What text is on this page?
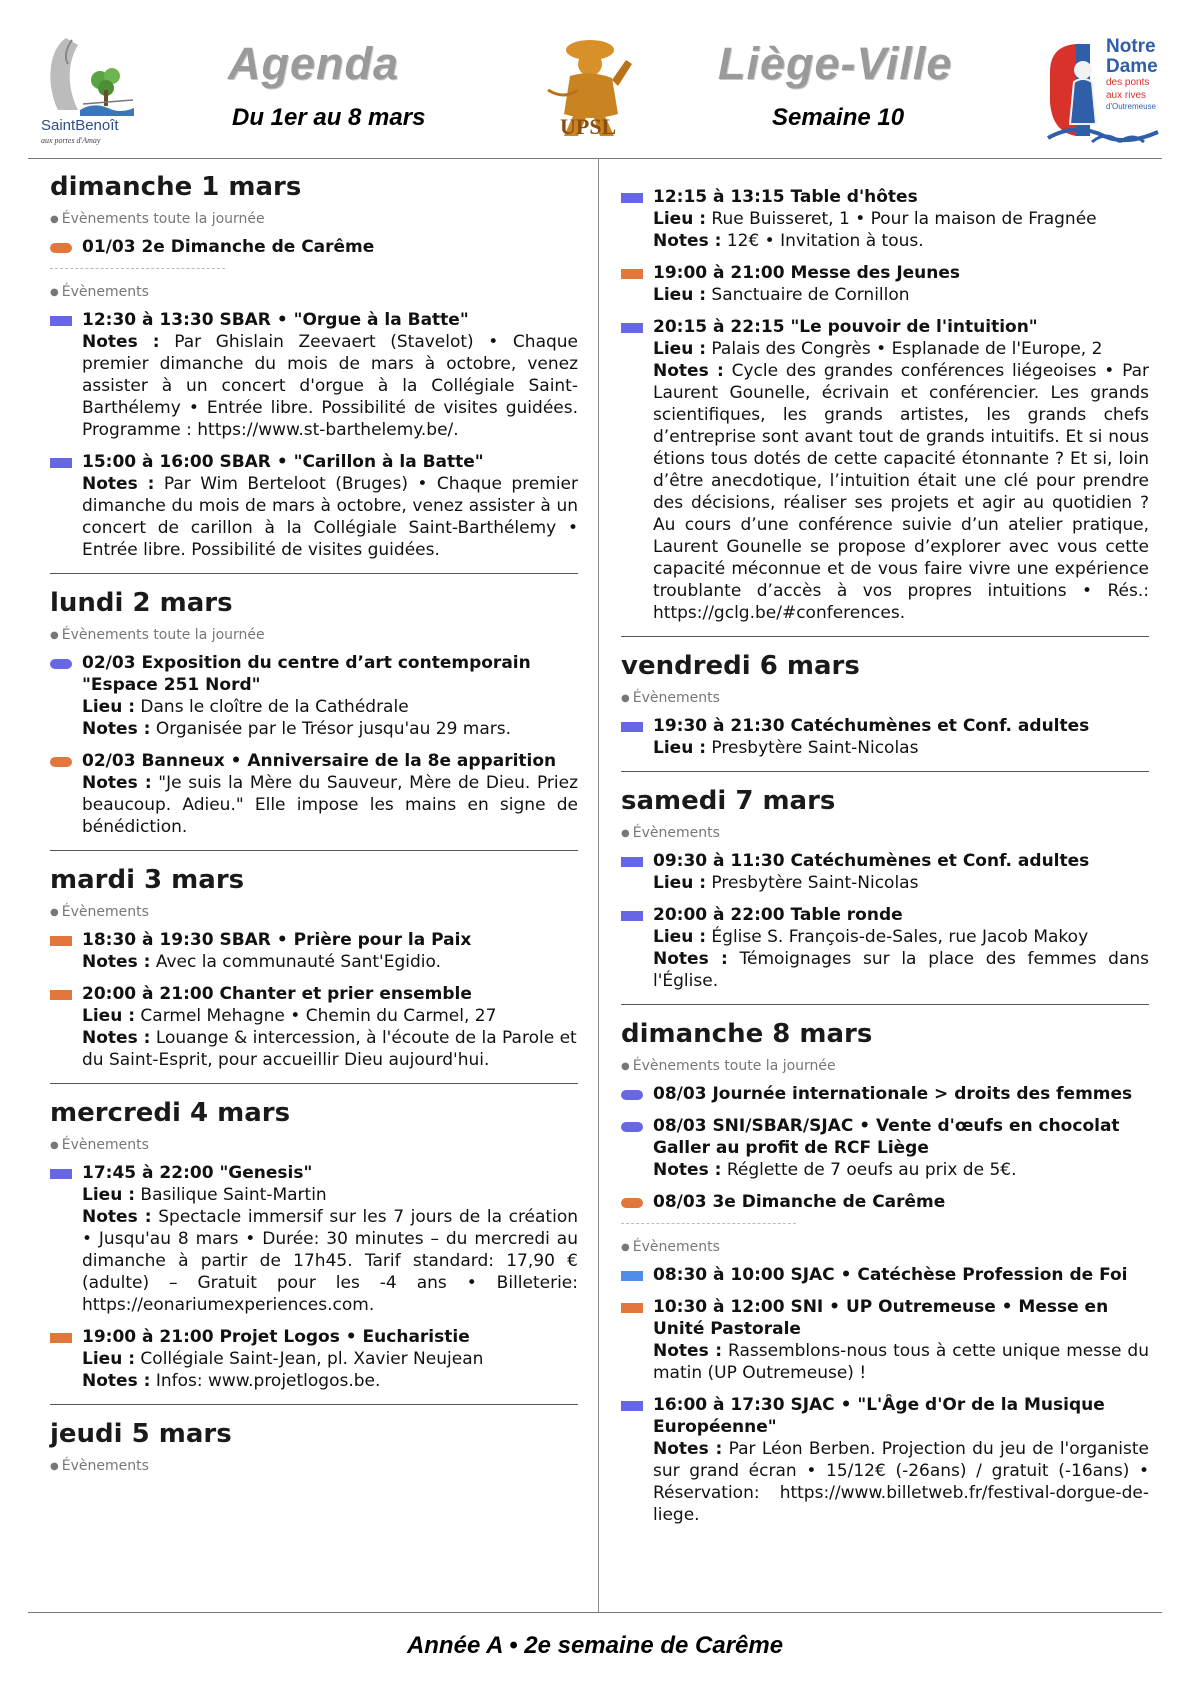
SaintBenoît
aux portes d'Amay
Agenda	Liège-Ville
Du 1er au 8 mars	Semaine 10
UPSL
Notre
Dame
des ponts
aux rives
d'Outremeuse
dimanche 1 mars
● Évènements toute la journée
01/03 2e Dimanche de Carême
● Évènements
12:30 à 13:30 SBAR • "Orgue à la Batte"
Notes : Par Ghislain Zeevaert (Stavelot) • Chaque premier dimanche du mois de mars à octobre, venez assister à un concert d'orgue à la Collégiale Saint-Barthélemy • Entrée libre. Possibilité de visites guidées. Programme : https://www.st-barthelemy.be/.
15:00 à 16:00 SBAR • "Carillon à la Batte"
Notes : Par Wim Berteloot (Bruges) • Chaque premier dimanche du mois de mars à octobre, venez assister à un concert de carillon à la Collégiale Saint-Barthélemy • Entrée libre. Possibilité de visites guidées.
lundi 2 mars
● Évènements toute la journée
02/03 Exposition du centre d’art contemporain "Espace 251 Nord"
Lieu : Dans le cloître de la Cathédrale
Notes : Organisée par le Trésor jusqu'au 29 mars.
02/03 Banneux • Anniversaire de la 8e apparition
Notes : "Je suis la Mère du Sauveur, Mère de Dieu. Priez beaucoup. Adieu." Elle impose les mains en signe de bénédiction.
mardi 3 mars
● Évènements
18:30 à 19:30 SBAR • Prière pour la Paix
Notes : Avec la communauté Sant'Egidio.
20:00 à 21:00 Chanter et prier ensemble
Lieu : Carmel Mehagne • Chemin du Carmel, 27
Notes : Louange & intercession, à l'écoute de la Parole et du Saint-Esprit, pour accueillir Dieu aujourd'hui.
mercredi 4 mars
● Évènements
17:45 à 22:00 "Genesis"
Lieu : Basilique Saint-Martin
Notes : Spectacle immersif sur les 7 jours de la création • Jusqu'au 8 mars • Durée: 30 minutes – du mercredi au dimanche à partir de 17h45. Tarif standard: 17,90 € (adulte) – Gratuit pour les -4 ans • Billeterie: https://eonariumexperiences.com.
19:00 à 21:00 Projet Logos • Eucharistie
Lieu : Collégiale Saint-Jean, pl. Xavier Neujean
Notes : Infos: www.projetlogos.be.
jeudi 5 mars
● Évènements
12:15 à 13:15 Table d'hôtes
Lieu : Rue Buisseret, 1 • Pour la maison de Fragnée
Notes : 12€ • Invitation à tous.
19:00 à 21:00 Messe des Jeunes
Lieu : Sanctuaire de Cornillon
20:15 à 22:15 "Le pouvoir de l'intuition"
Lieu : Palais des Congrès • Esplanade de l'Europe, 2
Notes : Cycle des grandes conférences liégeoises • Par Laurent Gounelle, écrivain et conférencier. Les grands scientifiques, les grands artistes, les grands chefs d’entreprise sont avant tout de grands intuitifs. Et si nous étions tous dotés de cette capacité étonnante ? Et si, loin d’être anecdotique, l’intuition était une clé pour prendre des décisions, réaliser ses projets et agir au quotidien ? Au cours d’une conférence suivie d’un atelier pratique, Laurent Gounelle se propose d’explorer avec vous cette capacité méconnue et de vous faire vivre une expérience troublante d’accès à vos propres intuitions • Rés.: https://gclg.be/#conferences.
vendredi 6 mars
● Évènements
19:30 à 21:30 Catéchumènes et Conf. adultes
Lieu : Presbytère Saint-Nicolas
samedi 7 mars
● Évènements
09:30 à 11:30 Catéchumènes et Conf. adultes
Lieu : Presbytère Saint-Nicolas
20:00 à 22:00 Table ronde
Lieu : Église S. François-de-Sales, rue Jacob Makoy
Notes : Témoignages sur la place des femmes dans l'Église.
dimanche 8 mars
● Évènements toute la journée
08/03 Journée internationale > droits des femmes
08/03 SNI/SBAR/SJAC • Vente d'œufs en chocolat Galler au profit de RCF Liège
Notes : Réglette de 7 oeufs au prix de 5€.
08/03 3e Dimanche de Carême
● Évènements
08:30 à 10:00 SJAC • Catéchèse Profession de Foi
10:30 à 12:00 SNI • UP Outremeuse • Messe en Unité Pastorale
Notes : Rassemblons-nous tous à cette unique messe du matin (UP Outremeuse) !
16:00 à 17:30 SJAC • "L'Âge d'Or de la Musique Européenne"
Notes : Par Léon Berben. Projection du jeu de l'organiste sur grand écran • 15/12€ (-26ans) / gratuit (-16ans) • Réservation: https://www.billetweb.fr/festival-dorgue-de-liege.
Année A • 2e semaine de Carême
